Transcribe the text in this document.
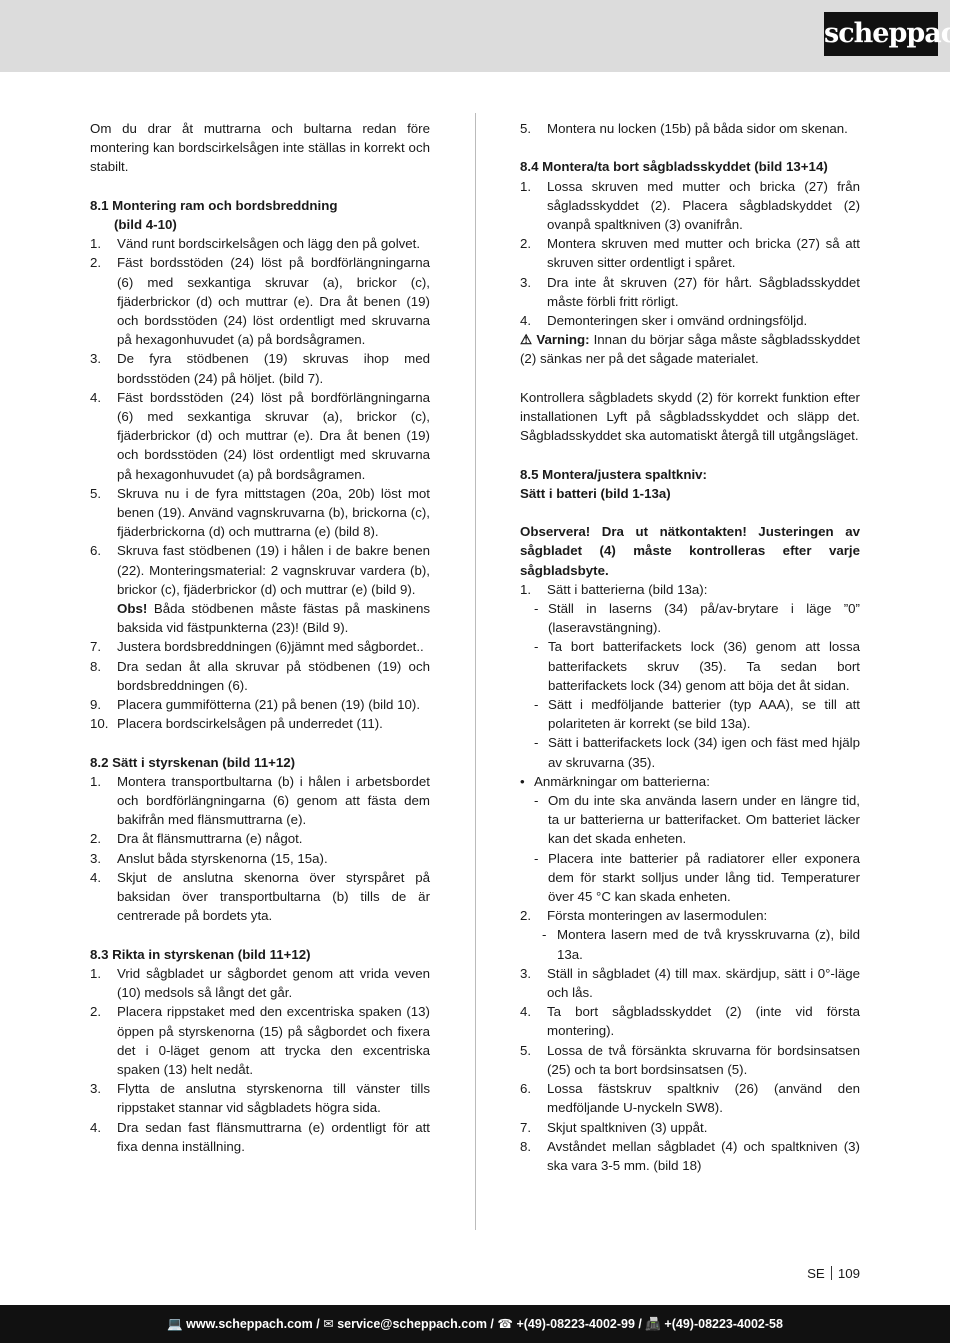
scheppach

Om du drar åt muttrarna och bultarna redan före montering kan bordscirkelsågen inte ställas in korrekt och stabilt.

8.1 Montering ram och bordsbreddning
(bild 4-10)
1. Vänd runt bordscirkelsågen och lägg den på golvet.
2. Fäst bordsstöden (24) löst på bordförlängningarna (6) med sexkantiga skruvar (a), brickor (c), fjäderbrickor (d) och muttrar (e). Dra åt benen (19) och bordsstöden (24) löst ordentligt med skruvarna på hexagonhuvudet (a) på bordsågramen.
3. De fyra stödbenen (19) skruvas ihop med bordsstöden (24) på höljet. (bild 7).
4. Fäst bordsstöden (24) löst på bordförlängningarna (6) med sexkantiga skruvar (a), brickor (c), fjäderbrickor (d) och muttrar (e). Dra åt benen (19) och bordsstöden (24) löst ordentligt med skruvarna på hexagonhuvudet (a) på bordsågramen.
5. Skruva nu i de fyra mittstagen (20a, 20b) löst mot benen (19). Använd vagnskruvarna (b), brickorna (c), fjäderbrickorna (d) och muttrarna (e) (bild 8).
6. Skruva fast stödbenen (19) i hålen i de bakre benen (22). Monteringsmaterial: 2 vagnskruvar vardera (b), brickor (c), fjäderbrickor (d) och muttrar (e) (bild 9).
Obs! Båda stödbenen måste fästas på maskinens baksida vid fästpunkterna (23)! (Bild 9).
7. Justera bordsbreddningen (6)jämnt med sågbordet..
8. Dra sedan åt alla skruvar på stödbenen (19) och bordsbreddningen (6).
9. Placera gummifötterna (21) på benen (19) (bild 10).
10. Placera bordscirkelsågen på underredet (11).
8.2 Sätt i styrskenan (bild 11+12)
1. Montera transportbultarna (b) i hålen i arbetsbordet och bordförlängningarna (6) genom att fästa dem bakifrån med flänsmuttrarna (e).
2. Dra åt flänsmuttrarna (e) något.
3. Anslut båda styrskenorna (15, 15a).
4. Skjut de anslutna skenorna över styrspåret på baksidan över transportbultarna (b) tills de är centrerade på bordets yta.
8.3 Rikta in styrskenan (bild 11+12)
1. Vrid sågbladet ur sågbordet genom att vrida veven (10) medsols så långt det går.
2. Placera rippstaket med den excentriska spaken (13) öppen på styrskenorna (15) på sågbordet och fixera det i 0-läget genom att trycka den excentriska spaken (13) helt nedåt.
3. Flytta de anslutna styrskenorna till vänster tills rippstaket stannar vid sågbladets högra sida.
4. Dra sedan fast flänsmuttrarna (e) ordentligt för att fixa denna inställning.
5. Montera nu locken (15b) på båda sidor om skenan.
8.4 Montera/ta bort sågbladsskyddet (bild 13+14)
1. Lossa skruven med mutter och bricka (27) från sågladsskyddet (2). Placera sågbladskyddet (2) ovanpå spaltkniven (3) ovanifrån.
2. Montera skruven med mutter och bricka (27) så att skruven sitter ordentligt i spåret.
3. Dra inte åt skruven (27) för hårt. Sågbladsskyddet måste förbli fritt rörligt.
4. Demonteringen sker i omvänd ordningsföljd.

⚠ Varning: Innan du börjar såga måste sågbladsskyddet (2) sänkas ner på det sågade materialet.

Kontrollera sågbladets skydd (2) för korrekt funktion efter installationen Lyft på sågbladsskyddet och släpp det. Sågbladsskyddet ska automatiskt återgå till utgångsläget.

8.5 Montera/justera spaltkniv:
Sätt i batteri (bild 1-13a)

Observera! Dra ut nätkontakten! Justeringen av sågbladet (4) måste kontrolleras efter varje sågbladsbyte.

1. Sätt i batterierna (bild 13a):
- Ställ in laserns (34) på/av-brytare i läge ”0” (laseravstängning).
- Ta bort batterifackets lock (36) genom att lossa batterifackets skruv (35). Ta sedan bort batterifackets lock (34) genom att böja det åt sidan.
- Sätt i medföljande batterier (typ AAA), se till att polariteten är korrekt (se bild 13a).
- Sätt i batterifackets lock (34) igen och fäst med hjälp av skruvarna (35).
• Anmärkningar om batterierna:
- Om du inte ska använda lasern under en längre tid, ta ur batterierna ur batterifacket. Om batteriet läcker kan det skada enheten.
- Placera inte batterier på radiatorer eller exponera dem för starkt solljus under lång tid. Temperaturer över 45 °C kan skada enheten.
2. Första monteringen av lasermodulen:
- Montera lasern med de två krysskruvarna (z), bild 13a.
3. Ställ in sågbladet (4) till max. skärdjup, sätt i 0°-läge och lås.
4. Ta bort sågbladsskyddet (2) (inte vid första montering).
5. Lossa de två försänkta skruvarna för bordsinsatsen (25) och ta bort bordsinsatsen (5).
6. Lossa fästskruv spaltkniv (26) (använd den medföljande U-nyckeln SW8).
7. Skjut spaltkniven (3) uppåt.
8. Avståndet mellan sågbladet (4) och spaltkniven (3) ska vara 3-5 mm. (bild 18)
SE 109
💻 www.scheppach.com / ✉ service@scheppach.com / ☎ +(49)-08223-4002-99 / 📠 +(49)-08223-4002-58
